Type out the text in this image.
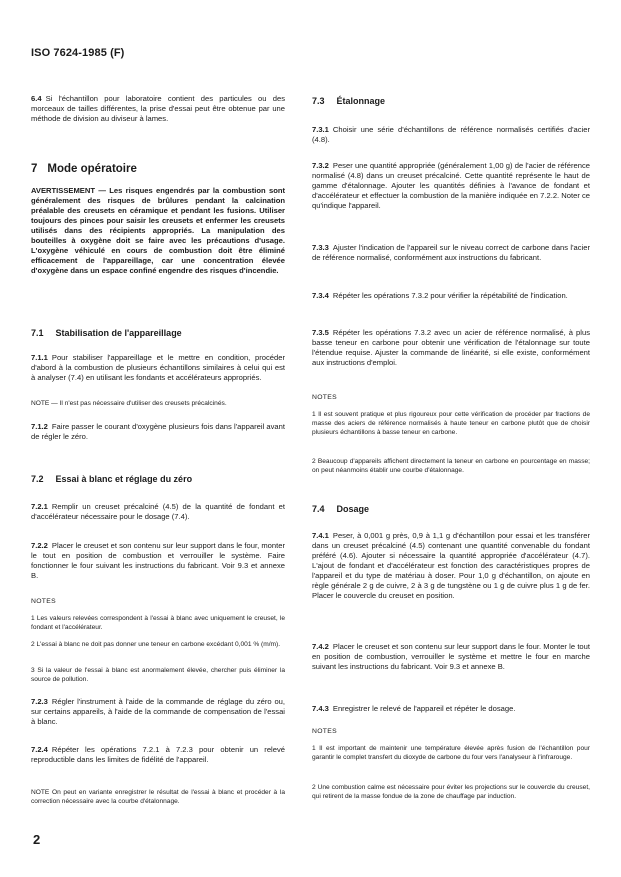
ISO 7624-1985 (F)

6.4 Si l'échantillon pour laboratoire contient des particules ou des morceaux de tailles différentes, la prise d'essai peut être obtenue par une méthode de division au diviseur à lames.

7 Mode opératoire

AVERTISSEMENT — Les risques engendrés par la combustion sont généralement des risques de brûlures pendant la calcination préalable des creusets en céramique et pendant les fusions. Utiliser toujours des pinces pour saisir les creusets et enfermer les creusets utilisés dans des récipients appropriés. La manipulation des bouteilles à oxygène doit se faire avec les précautions d'usage. L'oxygène véhiculé en cours de combustion doit être éliminé efficacement de l'appareillage, car une concentration élevée d'oxygène dans un espace confiné engendre des risques d'incendie.

7.1 Stabilisation de l'appareillage

7.1.1 Pour stabiliser l'appareillage et le mettre en condition, procéder d'abord à la combustion de plusieurs échantillons similaires à celui qui est à analyser (7.4) en utilisant les fondants et accélérateurs appropriés.

NOTE — Il n'est pas nécessaire d'utiliser des creusets précalcinés.

7.1.2 Faire passer le courant d'oxygène plusieurs fois dans l'appareil avant de régler le zéro.

7.2 Essai à blanc et réglage du zéro

7.2.1 Remplir un creuset précalciné (4.5) de la quantité de fondant et d'accélérateur nécessaire pour le dosage (7.4).

7.2.2 Placer le creuset et son contenu sur leur support dans le four, monter le tout en position de combustion et verrouiller le système. Faire fonctionner le four suivant les instructions du fabricant. Voir 9.3 et annexe B.

NOTES

1 Les valeurs relevées correspondent à l'essai à blanc avec uniquement le creuset, le fondant et l'accélérateur.

2 L'essai à blanc ne doit pas donner une teneur en carbone excédant 0,001 % (m/m).

3 Si la valeur de l'essai à blanc est anormalement élevée, chercher puis éliminer la source de pollution.

7.2.3 Régler l'instrument à l'aide de la commande de réglage du zéro ou, sur certains appareils, à l'aide de la commande de compensation de l'essai à blanc.

7.2.4 Répéter les opérations 7.2.1 à 7.2.3 pour obtenir un relevé reproductible dans les limites de fidélité de l'appareil.

NOTE On peut en variante enregistrer le résultat de l'essai à blanc et procéder à la correction nécessaire avec la courbe d'étalonnage.

7.3 Étalonnage

7.3.1 Choisir une série d'échantillons de référence normalisés certifiés d'acier (4.8).

7.3.2 Peser une quantité appropriée (généralement 1,00 g) de l'acier de référence normalisé (4.8) dans un creuset précalciné. Cette quantité représente le haut de gamme d'étalonnage. Ajouter les quantités définies à l'avance de fondant et d'accélérateur et effectuer la combustion de la manière indiquée en 7.2.2. Noter ce qu'indique l'appareil.

7.3.3 Ajuster l'indication de l'appareil sur le niveau correct de carbone dans l'acier de référence normalisé, conformément aux instructions du fabricant.

7.3.4 Répéter les opérations 7.3.2 pour vérifier la répétabilité de l'indication.

7.3.5 Répéter les opérations 7.3.2 avec un acier de référence normalisé, à plus basse teneur en carbone pour obtenir une vérification de l'étalonnage sur toute l'étendue requise. Ajuster la commande de linéarité, si elle existe, conformément aux instructions d'emploi.

NOTES

1 Il est souvent pratique et plus rigoureux pour cette vérification de procéder par fractions de masse des aciers de référence normalisés à haute teneur en carbone plutôt que de choisir plusieurs échantillons à basse teneur en carbone.

2 Beaucoup d'appareils affichent directement la teneur en carbone en pourcentage en masse; on peut néanmoins établir une courbe d'étalonnage.

7.4 Dosage

7.4.1 Peser, à 0,001 g près, 0,9 à 1,1 g d'échantillon pour essai et les transférer dans un creuset précalciné (4.5) contenant une quantité convenable du fondant préféré (4.6). Ajouter si nécessaire la quantité appropriée d'accélérateur (4.7). L'ajout de fondant et d'accélérateur est fonction des caractéristiques propres de l'appareil et du type de matériau à doser. Pour 1,0 g d'échantillon, on ajoute en règle générale 2 g de cuivre, 2 à 3 g de tungstène ou 1 g de cuivre plus 1 g de fer. Placer le couvercle du creuset en position.

7.4.2 Placer le creuset et son contenu sur leur support dans le four. Monter le tout en position de combustion, verrouiller le système et mettre le four en marche suivant les instructions du fabricant. Voir 9.3 et annexe B.

7.4.3 Enregistrer le relevé de l'appareil et répéter le dosage.

NOTES

1 Il est important de maintenir une température élevée après fusion de l'échantillon pour garantir le complet transfert du dioxyde de carbone du four vers l'analyseur à l'infrarouge.

2 Une combustion calme est nécessaire pour éviter les projections sur le couvercle du creuset, qui retirent de la masse fondue de la zone de chauffage par induction.

2
